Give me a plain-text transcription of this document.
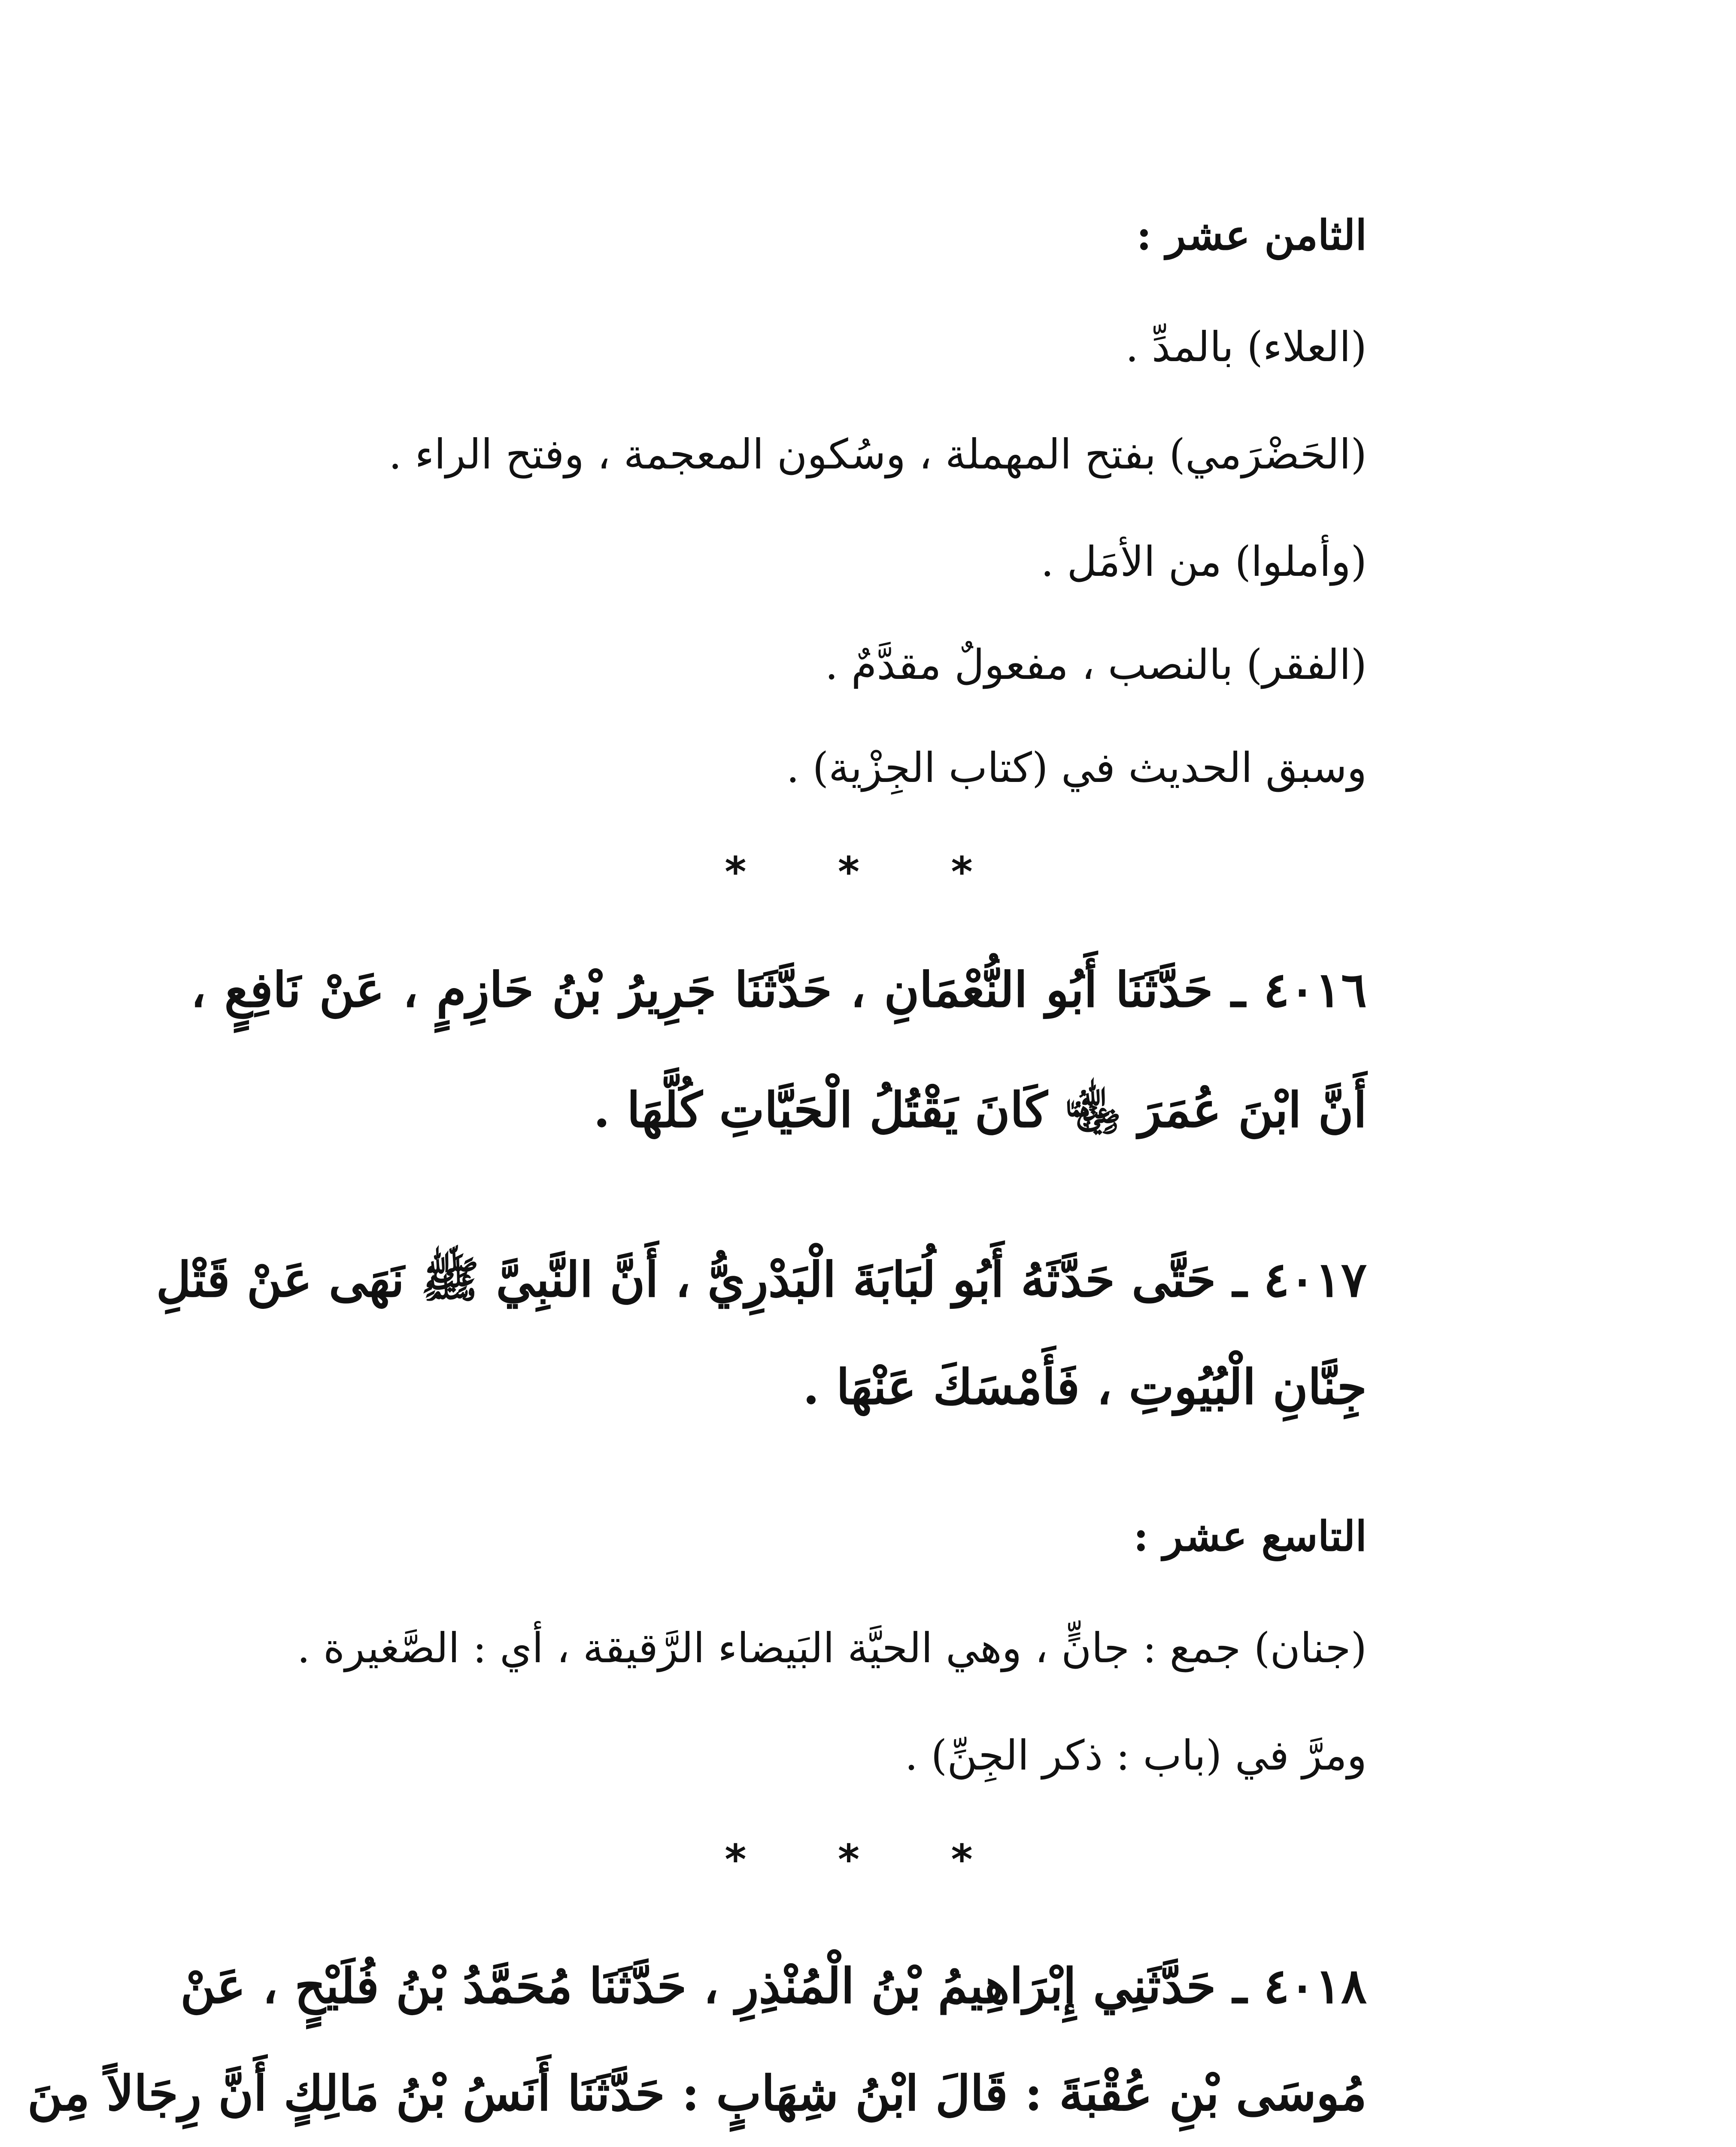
الثامن عشر :
(العلاء) بالمدِّ .
(الحَضْرَمي) بفتح المهملة ، وسُكون المعجمة ، وفتح الراء .
(وأملوا) من الأمَل .
(الفقر) بالنصب ، مفعولٌ مقدَّمٌ .
وسبق الحديث في (كتاب الجِزْية) .
* * *
٤٠١٦ ـ حَدَّثَنَا أَبُو النُّعْمَانِ ، حَدَّثَنَا جَرِيرُ بْنُ حَازِمٍ ، عَنْ نَافِعٍ ،
أَنَّ ابْنَ عُمَرَ ﵄ كَانَ يَقْتُلُ الْحَيَّاتِ كُلَّهَا .
٤٠١٧ ـ حَتَّى حَدَّثَهُ أَبُو لُبَابَةَ الْبَدْرِيُّ ، أَنَّ النَّبِيَّ ﷺ نَهَى عَنْ قَتْلِ
جِنَّانِ الْبُيُوتِ ، فَأَمْسَكَ عَنْهَا .
التاسع عشر :
(جنان) جمع : جانٍّ ، وهي الحيَّة البَيضاء الرَّقيقة ، أي : الصَّغيرة .
ومرَّ في (باب : ذكر الجِنِّ) .
* * *
٤٠١٨ ـ حَدَّثَنِي إِبْرَاهِيمُ بْنُ الْمُنْذِرِ ، حَدَّثَنَا مُحَمَّدُ بْنُ فُلَيْحٍ ، عَنْ
مُوسَى بْنِ عُقْبَةَ : قَالَ ابْنُ شِهَابٍ : حَدَّثَنَا أَنَسُ بْنُ مَالِكٍ أَنَّ رِجَالاً مِنَ
